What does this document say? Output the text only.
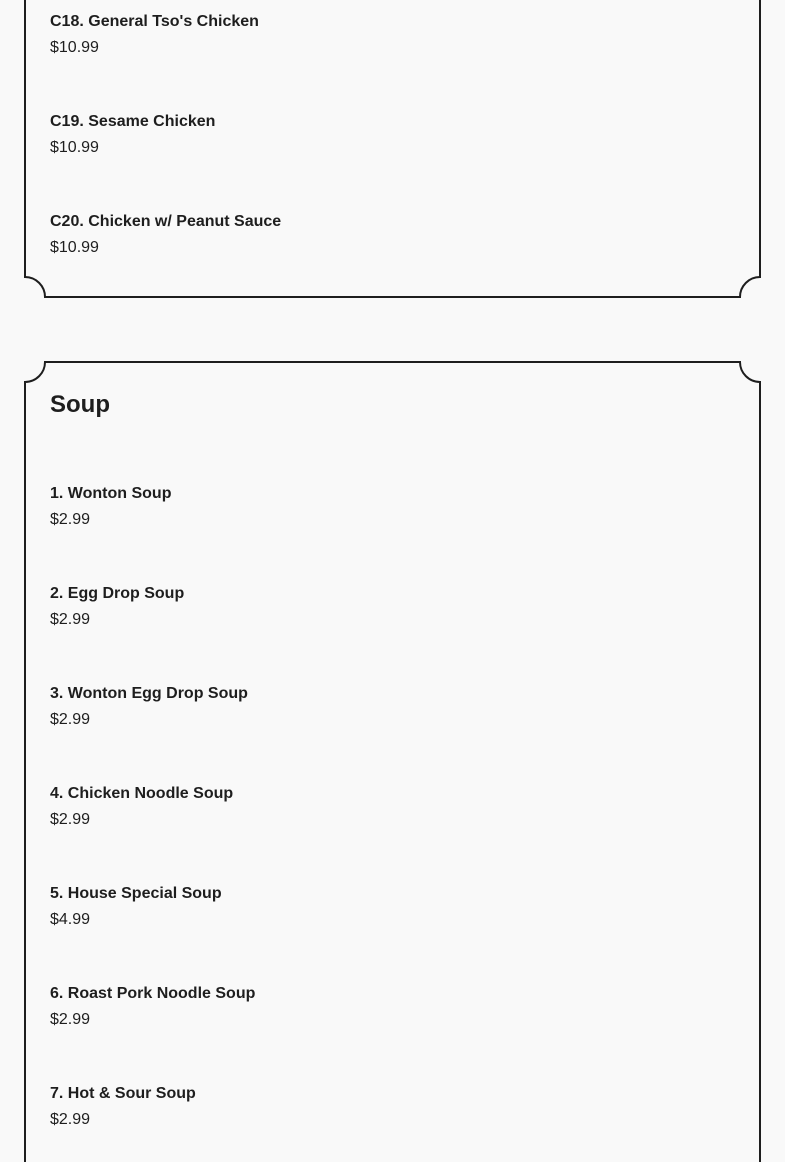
C18. General Tso's Chicken
$10.99
C19. Sesame Chicken
$10.99
C20. Chicken w/ Peanut Sauce
$10.99
Soup
1. Wonton Soup
$2.99
2. Egg Drop Soup
$2.99
3. Wonton Egg Drop Soup
$2.99
4. Chicken Noodle Soup
$2.99
5. House Special Soup
$4.99
6. Roast Pork Noodle Soup
$2.99
7. Hot & Sour Soup
$2.99
